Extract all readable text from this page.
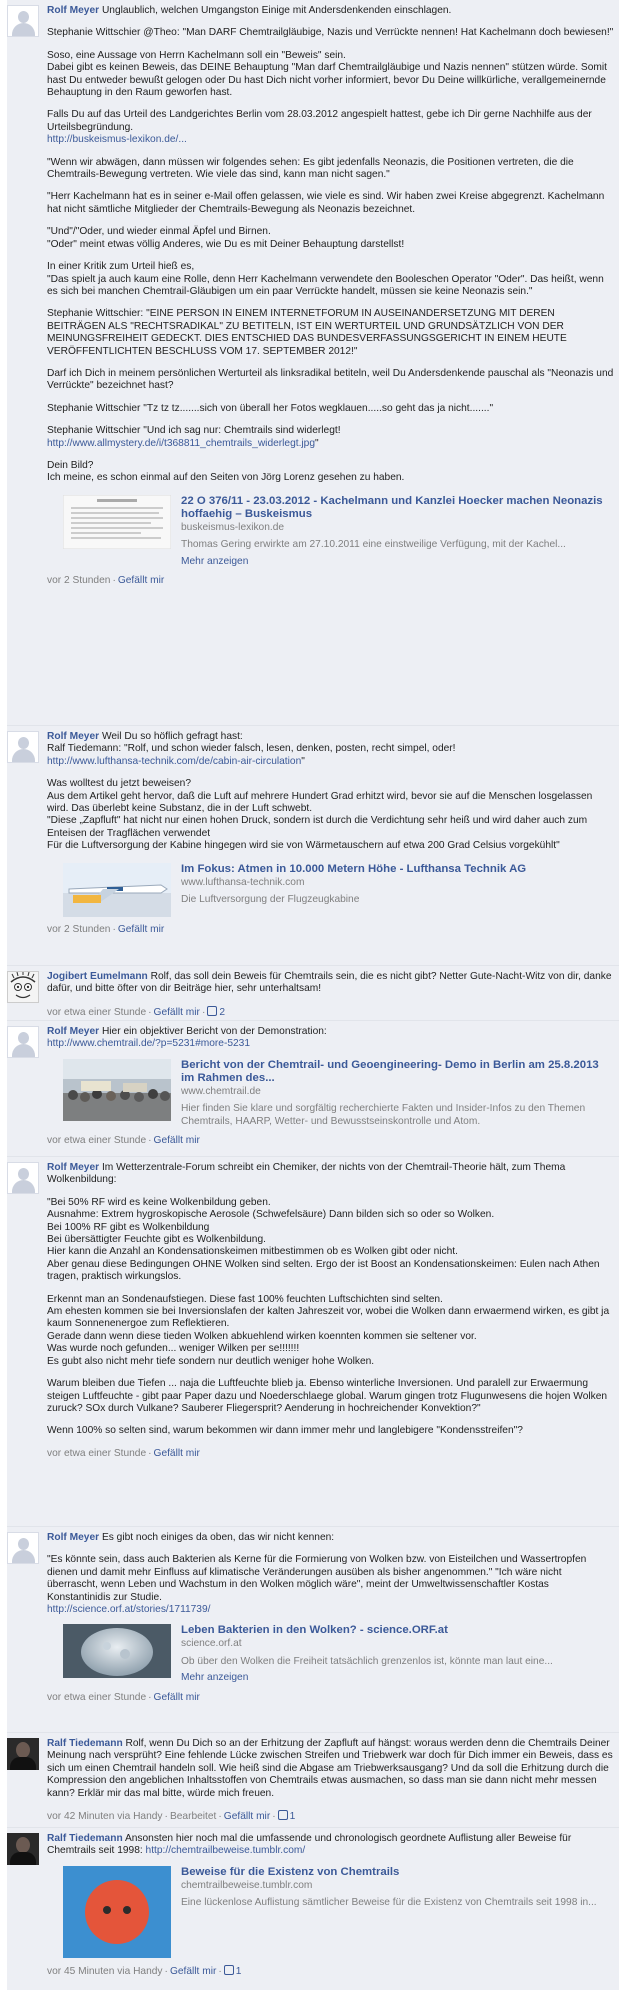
Rolf Meyer Unglaublich, welchen Umgangston Einige mit Andersdenkenden einschlagen.

Stephanie Wittschier @Theo: "Man DARF Chemtrailgläubige, Nazis und Verrückte nennen! Hat Kachelmann doch bewiesen!"

Soso, eine Aussage von Herrn Kachelmann soll ein "Beweis" sein.
Dabei gibt es keinen Beweis, das DEINE Behauptung "Man darf Chemtrailgläubige und Nazis nennen" stützen würde. Somit hast Du entweder bewußt gelogen oder Du hast Dich nicht vorher informiert, bevor Du Deine willkürliche, verallgemeinernde Behauptung in den Raum geworfen hast.

Falls Du auf das Urteil des Landgerichtes Berlin vom 28.03.2012 angespielt hattest, gebe ich Dir gerne Nachhilfe aus der Urteilsbegründung.
http://buskeismus-lexikon.de/...

"Wenn wir abwägen, dann müssen wir folgendes sehen: Es gibt jedenfalls Neonazis, die Positionen vertreten, die die Chemtrails-Bewegung vertreten. Wie viele das sind, kann man nicht sagen."

"Herr Kachelmann hat es in seiner e-Mail offen gelassen, wie viele es sind. Wir haben zwei Kreise abgegrenzt. Kachelmann hat nicht sämtliche Mitglieder der Chemtrails-Bewegung als Neonazis bezeichnet.

"Und"/"Oder, und wieder einmal Äpfel und Birnen.
"Oder" meint etwas völlig Anderes, wie Du es mit Deiner Behauptung darstellst!

In einer Kritik zum Urteil hieß es,
"Das spielt ja auch kaum eine Rolle, denn Herr Kachelmann verwendete den Booleschen Operator "Oder". Das heißt, wenn es sich bei manchen Chemtrail-Gläubigen um ein paar Verrückte handelt, müssen sie keine Neonazis sein."

Stephanie Wittschier: "EINE PERSON IN EINEM INTERNETFORUM IN AUSEINANDERSETZUNG MIT DEREN BEITRÄGEN ALS "RECHTSRADIKAL" ZU BETITELN, IST EIN WERTURTEIL UND GRUNDSÄTZLICH VON DER MEINUNGSFREIHEIT GEDECKT. DIES ENTSCHIED DAS BUNDESVERFASSUNGSGERICHT IN EINEM HEUTE VERÖFFENTLICHTEN BESCHLUSS VOM 17. SEPTEMBER 2012!"

Darf ich Dich in meinem persönlichen Werturteil als linksradikal betiteln, weil Du Andersdenkende pauschal als "Neonazis und Verrückte" bezeichnet hast?

Stephanie Wittschier "Tz tz tz.......sich von überall her Fotos wegklauen.....so geht das ja nicht......."

Stephanie Wittschier "Und ich sag nur: Chemtrails sind widerlegt! http://www.allmystery.de/i/t368811_chemtrails_widerlegt.jpg"

Dein Bild?
Ich meine, es schon einmal auf den Seiten von Jörg Lorenz gesehen zu haben.

22 O 376/11 - 23.03.2012 - Kachelmann und Kanzlei Hoecker machen Neonazis hoffaehig – Buskeismus
buskeismus-lexikon.de
Thomas Gering erwirkte am 27.10.2011 eine einstweilige Verfügung, mit der Kachel...
Mehr anzeigen
vor 2 Stunden · Gefällt mir

Rolf Meyer Weil Du so höflich gefragt hast:
Ralf Tiedemann: "Rolf, und schon wieder falsch, lesen, denken, posten, recht simpel, oder!
http://www.lufthansa-technik.com/de/cabin-air-circulation"

Was wolltest du jetzt beweisen?
Aus dem Artikel geht hervor, daß die Luft auf mehrere Hundert Grad erhitzt wird, bevor sie auf die Menschen losgelassen wird. Das überlebt keine Substanz, die in der Luft schwebt.
"Diese „Zapfluft" hat nicht nur einen hohen Druck, sondern ist durch die Verdichtung sehr heiß und wird daher auch zum Enteisen der Tragflächen verwendet
Für die Luftversorgung der Kabine hingegen wird sie von Wärmetauschern auf etwa 200 Grad Celsius vorgekühlt"

Im Fokus: Atmen in 10.000 Metern Höhe - Lufthansa Technik AG
www.lufthansa-technik.com
Die Luftversorgung der Flugzeugkabine
vor 2 Stunden · Gefällt mir

Jogibert Eumelmann Rolf, das soll dein Beweis für Chemtrails sein, die es nicht gibt? Netter Gute-Nacht-Witz von dir, danke dafür, und bitte öfter von dir Beiträge hier, sehr unterhaltsam!

vor etwa einer Stunde · Gefällt mir · 2

Rolf Meyer Hier ein objektiver Bericht von der Demonstration:
http://www.chemtrail.de/?p=5231#more-5231

Bericht von der Chemtrail- und Geoengineering- Demo in Berlin am 25.8.2013 im Rahmen des...
www.chemtrail.de
Hier finden Sie klare und sorgfältig recherchierte Fakten und Insider-Infos zu den Themen Chemtrails, HAARP, Wetter- und Bewusstseinskontrolle und Atom.
vor etwa einer Stunde · Gefällt mir

Rolf Meyer Im Wetterzentrale-Forum schreibt ein Chemiker, der nichts von der Chemtrail-Theorie hält, zum Thema Wolkenbildung:

"Bei 50% RF wird es keine Wolkenbildung geben.
Ausnahme: Extrem hygroskopische Aerosole (Schwefelsäure) Dann bilden sich so oder so Wolken.
Bei 100% RF gibt es Wolkenbildung
Bei übersättigter Feuchte gibt es Wolkenbildung.
Hier kann die Anzahl an Kondensationskeimen mitbestimmen ob es Wolken gibt oder nicht.
Aber genau diese Bedingungen OHNE Wolken sind selten. Ergo der ist Boost an Kondensationskeimen: Eulen nach Athen tragen, praktisch wirkungslos.

Erkennt man an Sondenaufstiegen. Diese fast 100% feuchten Luftschichten sind selten.
Am ehesten kommen sie bei Inversionslafen der kalten Jahreszeit vor, wobei die Wolken dann erwaermend wirken, es gibt ja kaum Sonnenenergoe zum Reflektieren.
Gerade dann wenn diese tieden Wolken abkuehlend wirken koennten kommen sie seltener vor.
Was wurde noch gefunden... weniger Wilken per se!!!!!!!
Es gubt also nicht mehr tiefe sondern nur deutlich weniger hohe Wolken.

Warum bleiben due Tiefen ... naja die Luftfeuchte blieb ja. Ebenso winterliche Inversionen. Und paralell zur Erwaermung steigen Luftfeuchte - gibt paar Paper dazu und Noederschlaege global. Warum gingen trotz Flugunwesens die hojen Wolken zuruck? SOx durch Vulkane? Sauberer Fliegersprit? Aenderung in hochreichender Konvektion?"

Wenn 100% so selten sind, warum bekommen wir dann immer mehr und langlebigere "Kondensstreifen"?

vor etwa einer Stunde · Gefällt mir

Rolf Meyer Es gibt noch einiges da oben, das wir nicht kennen:

"Es könnte sein, dass auch Bakterien als Kerne für die Formierung von Wolken bzw. von Eisteilchen und Wassertropfen dienen und damit mehr Einfluss auf klimatische Veränderungen ausüben als bisher angenommen." "Ich wäre nicht überrascht, wenn Leben und Wachstum in den Wolken möglich wäre", meint der Umweltwissenschaftler Kostas Konstantinidis zur Studie.
http://science.orf.at/stories/1711739/

Leben Bakterien in den Wolken? - science.ORF.at
science.orf.at
Ob über den Wolken die Freiheit tatsächlich grenzenlos ist, könnte man laut eine...
Mehr anzeigen
vor etwa einer Stunde · Gefällt mir

Ralf Tiedemann Rolf, wenn Du Dich so an der Erhitzung der Zapfluft auf hängst: woraus werden denn die Chemtrails Deiner Meinung nach versprüht? Eine fehlende Lücke zwischen Streifen und Triebwerk war doch für Dich immer ein Beweis, dass es sich um einen Chemtrail handeln soll. Wie heiß sind die Abgase am Triebwerksausgang? Und da soll die Erhitzung durch die Kompression den angeblichen Inhaltsstoffen von Chemtrails etwas ausmachen, so dass man sie dann nicht mehr messen kann? Erklär mir das mal bitte, würde mich freuen.

vor 42 Minuten via Handy · Bearbeitet · Gefällt mir · 1

Ralf Tiedemann Ansonsten hier noch mal die umfassende und chronologisch geordnete Auflistung aller Beweise für Chemtrails seit 1998: http://chemtrailbeweise.tumblr.com/

Beweise für die Existenz von Chemtrails
chemtrailbeweise.tumblr.com
Eine lückenlose Auflistung sämtlicher Beweise für die Existenz von Chemtrails seit 1998 in...
vor 45 Minuten via Handy · Gefällt mir · 1
